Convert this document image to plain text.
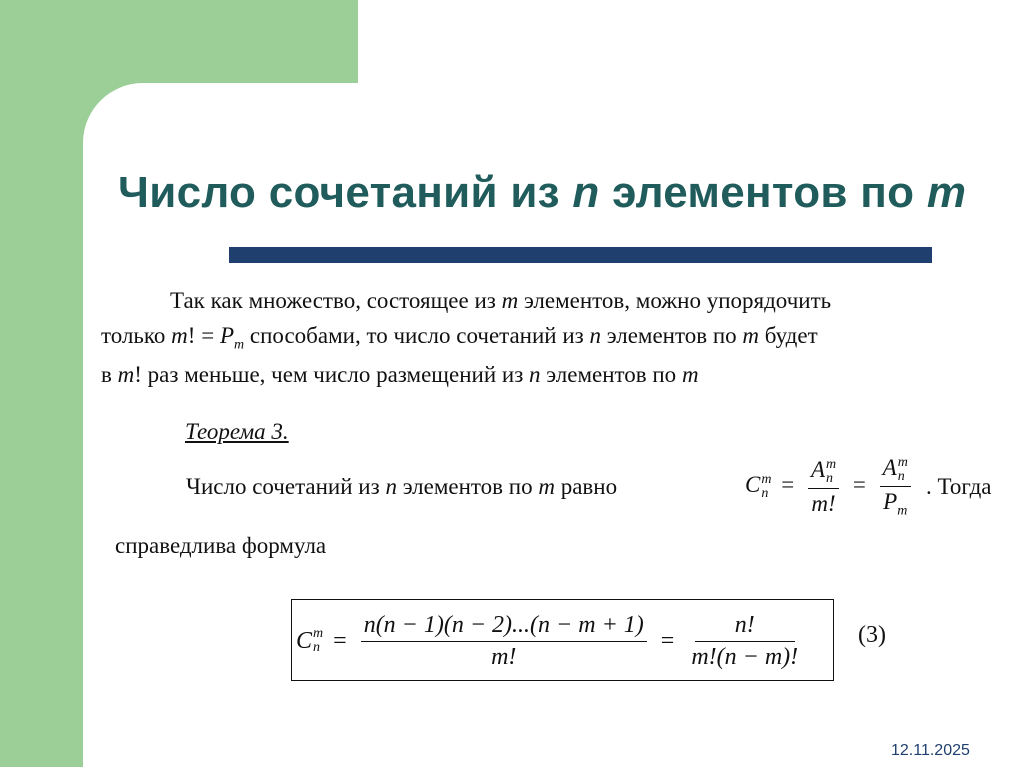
Число сочетаний из n элементов по m
Так как множество, состоящее из m элементов, можно упорядочить
только m! = $P_m$ способами, то число сочетаний из n элементов по m будет
в m! раз меньше, чем число размещений из n элементов по m
Теорема 3.
Число сочетаний из n элементов по m равно	C m
n = A m
n
m! = A m
n
$P_m$ . Тогда
справедлива формула
C m
$n = \frac{n(n - 1)(n - 2)...(n - m + 1)}{m!} = \frac{n!}{m!(n - m)!} (3)$
12.11.2025
